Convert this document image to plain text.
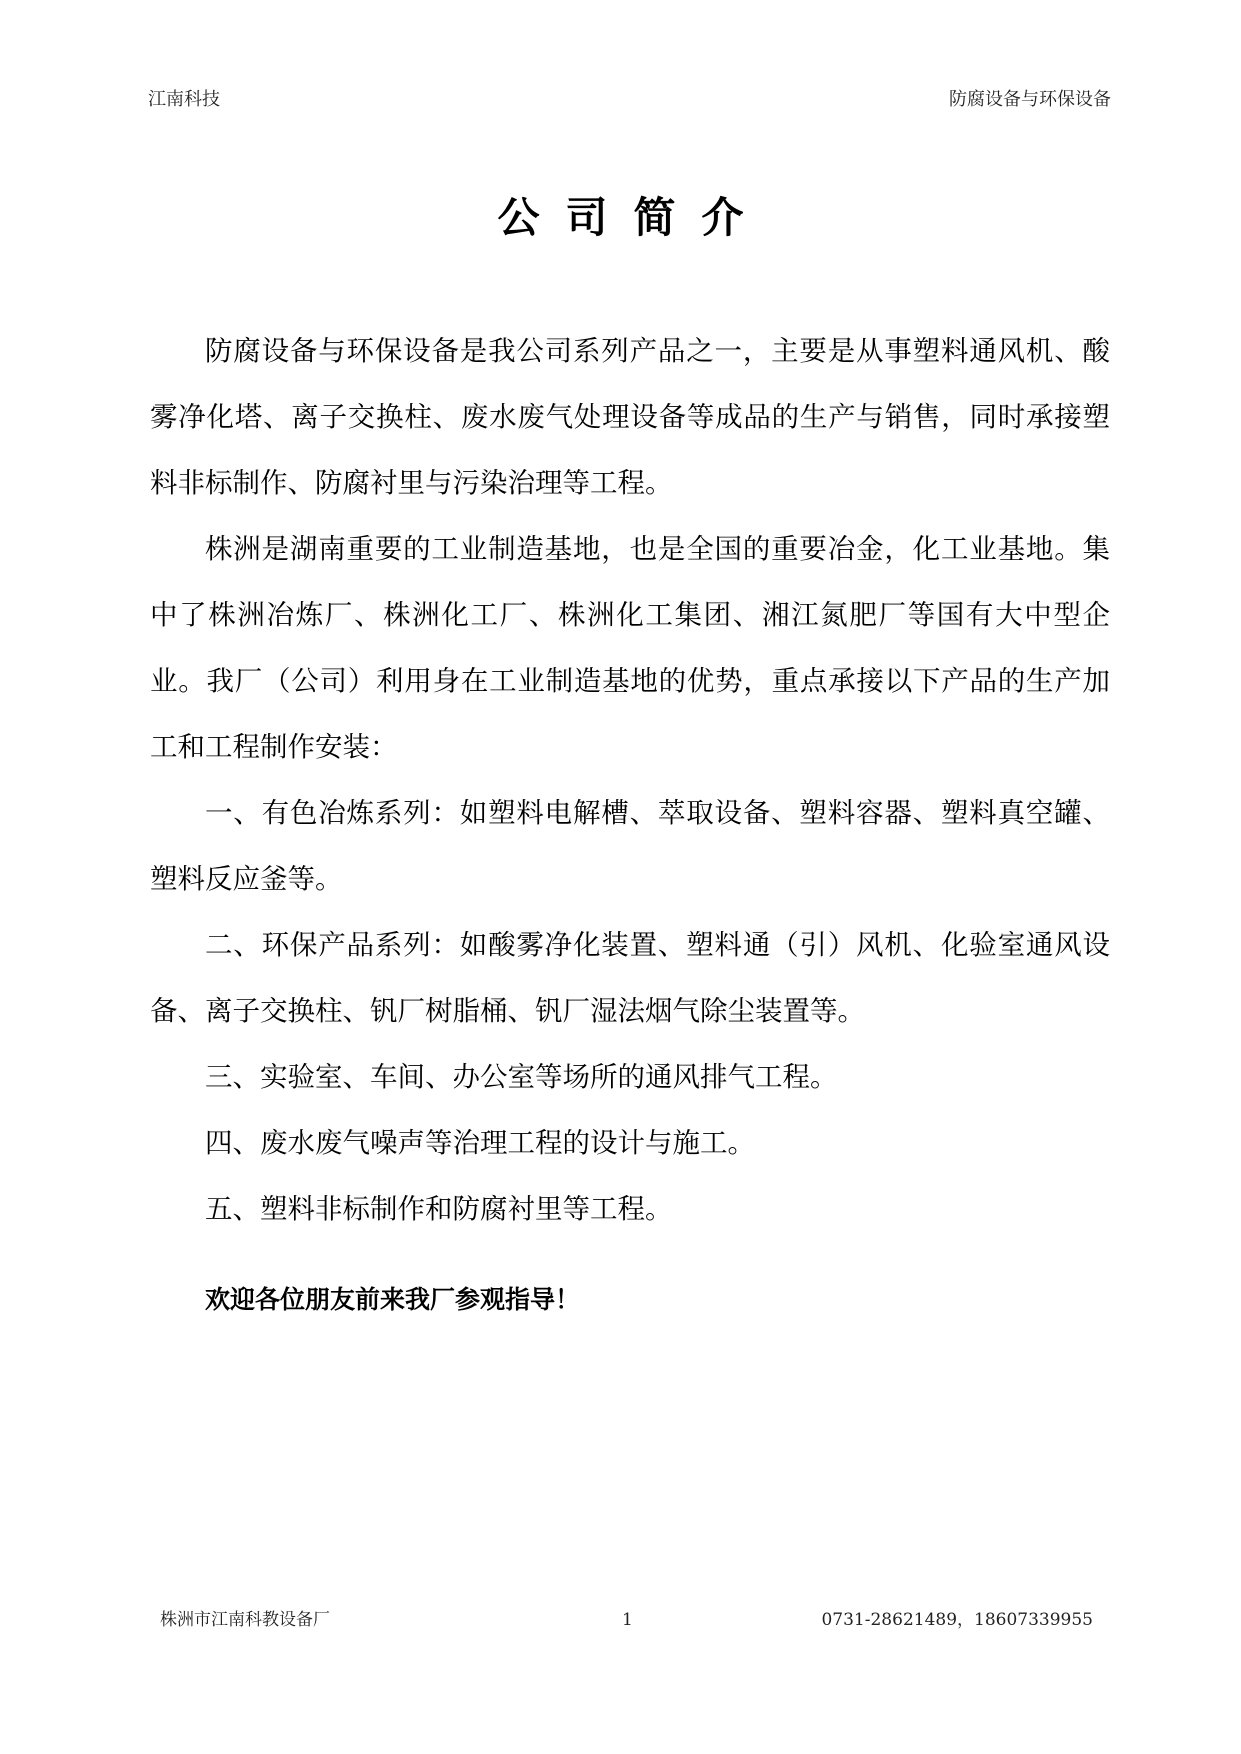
江南科技	防腐设备与环保设备
公司简介

防腐设备与环保设备是我公司系列产品之一，主要是从事塑料通风机、酸雾净化塔、离子交换柱、废水废气处理设备等成品的生产与销售，同时承接塑料非标制作、防腐衬里与污染治理等工程。

株洲是湖南重要的工业制造基地，也是全国的重要冶金，化工业基地。集中了株洲冶炼厂、株洲化工厂、株洲化工集团、湘江氮肥厂等国有大中型企业。我厂（公司）利用身在工业制造基地的优势，重点承接以下产品的生产加工和工程制作安装：

一、有色冶炼系列：如塑料电解槽、萃取设备、塑料容器、塑料真空罐、塑料反应釜等。

二、环保产品系列：如酸雾净化装置、塑料通（引）风机、化验室通风设备、离子交换柱、钒厂树脂桶、钒厂湿法烟气除尘装置等。

三、实验室、车间、办公室等场所的通风排气工程。

四、废水废气噪声等治理工程的设计与施工。

五、塑料非标制作和防腐衬里等工程。

欢迎各位朋友前来我厂参观指导！
株洲市江南科教设备厂	1	0731-28621489，18607339955
